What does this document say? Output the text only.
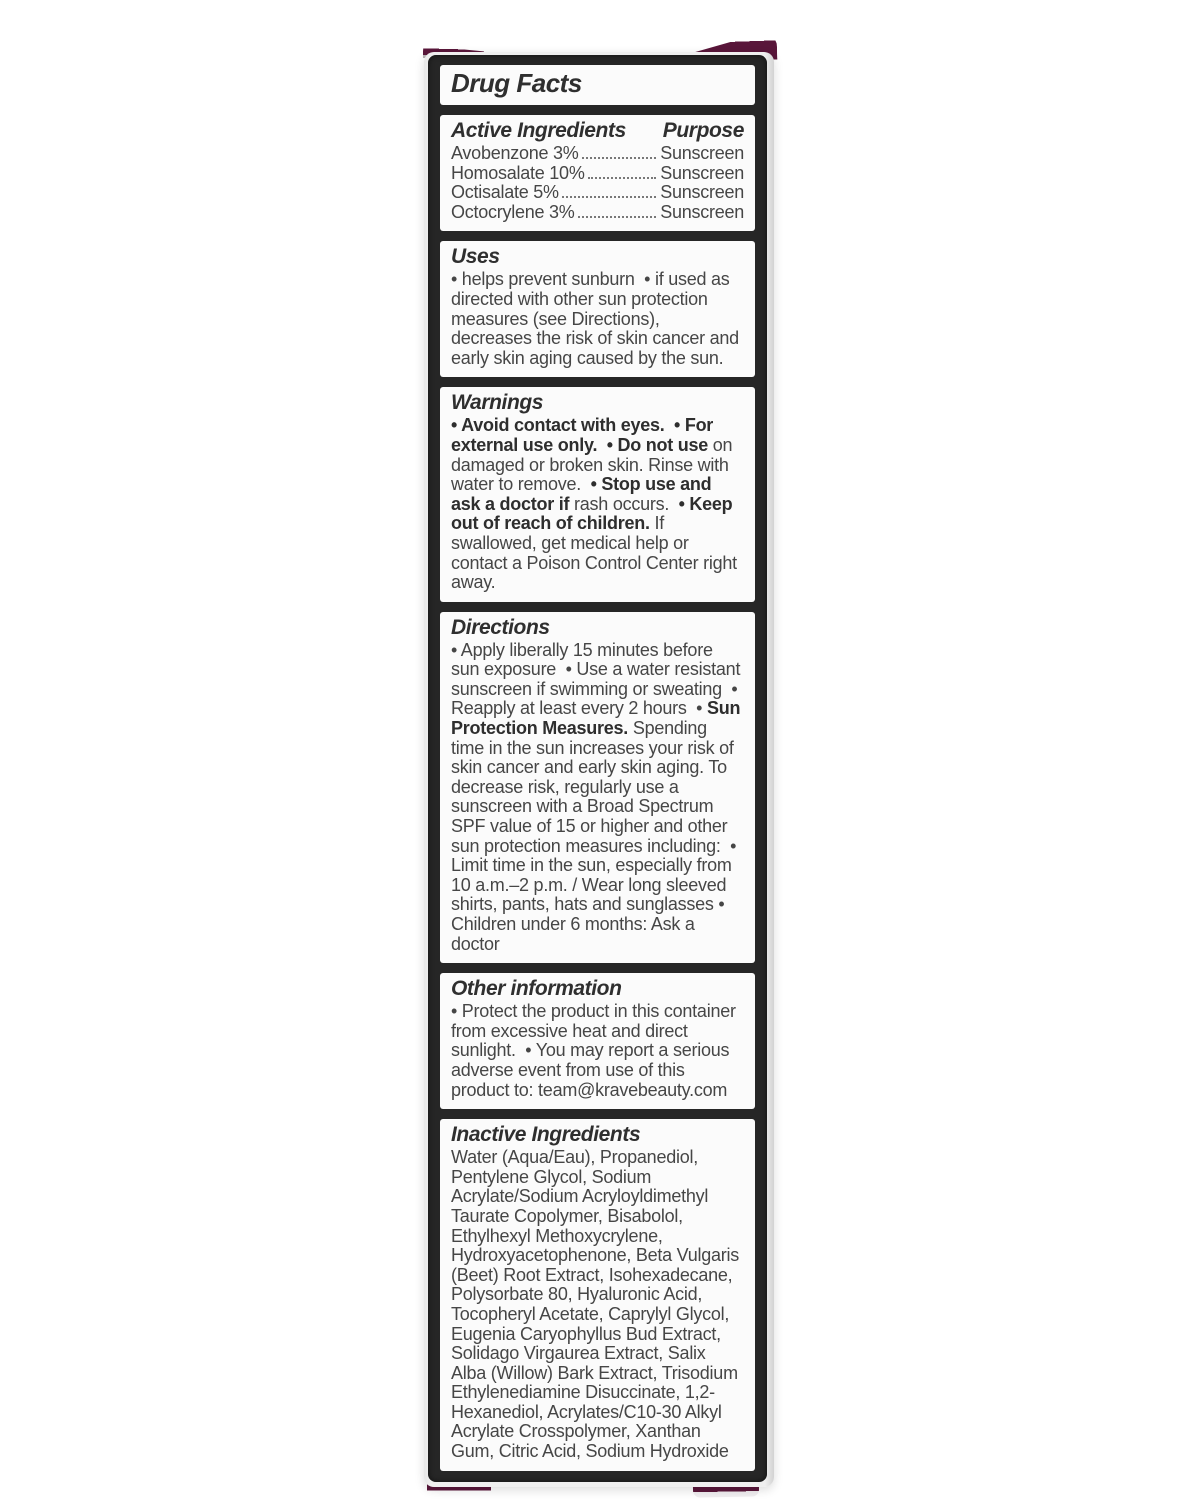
Drug Facts
Active Ingredients Purpose
Avobenzone 3%	Sunscreen
Homosalate 10%	Sunscreen
Octisalate 5%	Sunscreen
Octocrylene 3%	Sunscreen
Uses
• helps prevent sunburn  • if used as directed with other sun protection measures (see Directions), decreases the risk of skin cancer and early skin aging caused by the sun.
Warnings
• Avoid contact with eyes.  • For external use only.  • Do not use on damaged or broken skin. Rinse with water to remove.  • Stop use and ask a doctor if rash occurs.  • Keep out of reach of children. If swallowed, get medical help or contact a Poison Control Center right away.
Directions
• Apply liberally 15 minutes before sun exposure  • Use a water resistant sunscreen if swimming or sweating  • Reapply at least every 2 hours  • Sun Protection Measures. Spending time in the sun increases your risk of skin cancer and early skin aging. To decrease risk, regularly use a sunscreen with a Broad Spectrum SPF value of 15 or higher and other sun protection measures including:  • Limit time in the sun, especially from 10 a.m.–2 p.m. / Wear long sleeved shirts, pants, hats and sunglasses • Children under 6 months: Ask a doctor
Other information
• Protect the product in this container from excessive heat and direct sunlight.  • You may report a serious adverse event from use of this product to: team@kravebeauty.com
Inactive Ingredients
Water (Aqua/Eau), Propanediol, Pentylene Glycol, Sodium Acrylate/Sodium Acryloyldimethyl Taurate Copolymer, Bisabolol, Ethylhexyl Methoxycrylene, Hydroxyacetophenone, Beta Vulgaris (Beet) Root Extract, Isohexadecane, Polysorbate 80, Hyaluronic Acid, Tocopheryl Acetate, Caprylyl Glycol, Eugenia Caryophyllus Bud Extract, Solidago Virgaurea Extract, Salix Alba (Willow) Bark Extract, Trisodium Ethylenediamine Disuccinate, 1,2-Hexanediol, Acrylates/C10-30 Alkyl Acrylate Crosspolymer, Xanthan Gum, Citric Acid, Sodium Hydroxide
